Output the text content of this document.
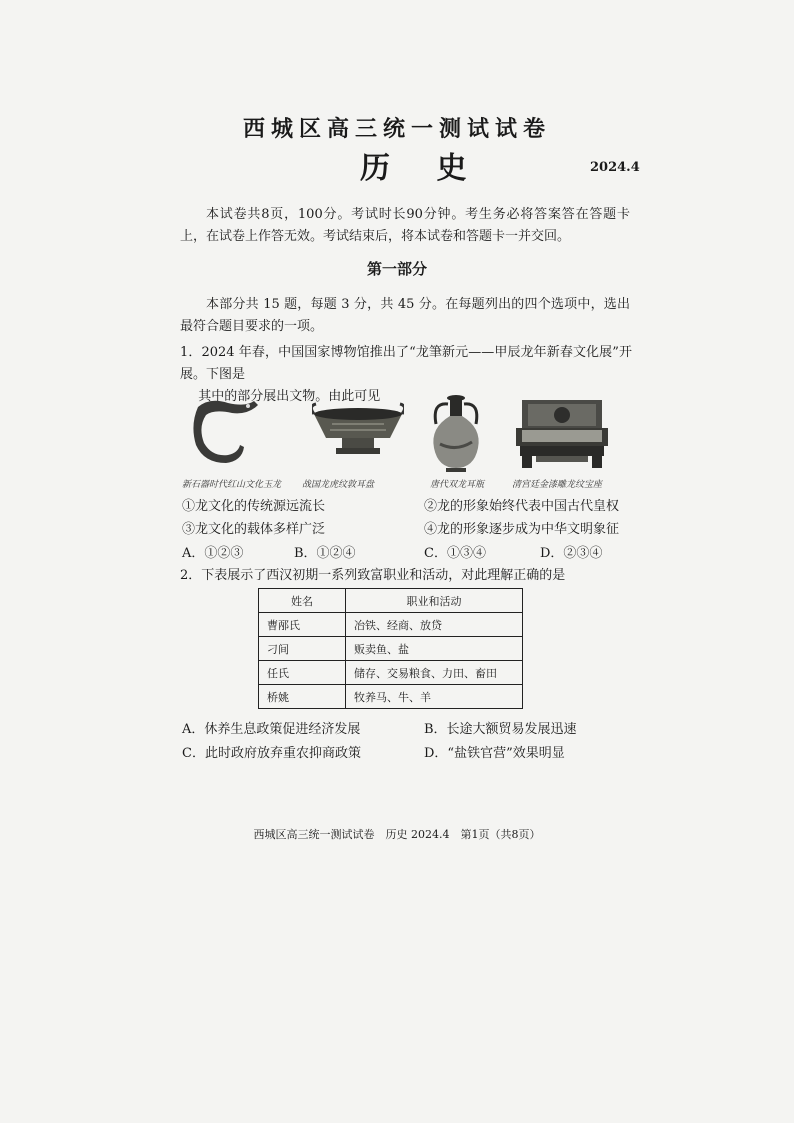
西城区高三统一测试试卷
历 史	2024.4
本试卷共8页，100分。考试时长90分钟。考生务必将答案答在答题卡上，在试卷上作答无效。考试结束后，将本试卷和答题卡一并交回。
第一部分
本部分共 15 题，每题 3 分，共 45 分。在每题列出的四个选项中，选出最符合题目要求的一项。
1．2024 年春，中国国家博物馆推出了“龙筆新元——甲辰龙年新春文化展”开展。下图是
其中的部分展出文物。由此可见
新石器时代红山文化玉龙 战国龙虎纹敦耳盘	唐代双龙耳瓶	清宫廷金漆雕龙纹宝座
①龙文化的传统源远流长	②龙的形象始终代表中国古代皇权
③龙文化的载体多样广泛	④龙的形象逐步成为中华文明象征
A．①②③	B．①②④	C．①③④	D．②③④
2．下表展示了西汉初期一系列致富职业和活动，对此理解正确的是
姓名	职业和活动
曹邴氏	冶铁、经商、放贷
刁间	贩卖鱼、盐
任氏	储存、交易粮食、力田、畜田
桥姚	牧养马、牛、羊
A．休养生息政策促进经济发展	B．长途大额贸易发展迅速
C．此时政府放弃重农抑商政策	D．“盐铁官营”效果明显
西城区高三统一测试试卷　历史 2024.4　第1页（共8页）
